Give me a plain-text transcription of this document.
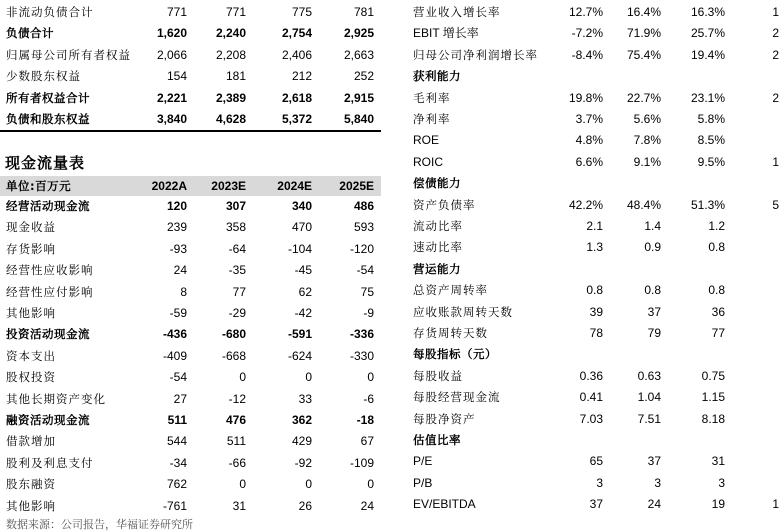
非流动负债合计	771	771	775	781
负债合计	1,620	2,240	2,754	2,925
归属母公司所有者权益	2,066	2,208	2,406	2,663
少数股东权益	154	181	212	252
所有者权益合计	2,221	2,389	2,618	2,915
负债和股东权益	3,840	4,628	5,372	5,840
现金流量表
单位:百万元	2022A	2023E	2024E	2025E
经营活动现金流	120	307	340	486
现金收益	239	358	470	593
存货影响	-93	-64	-104	-120
经营性应收影响	24	-35	-45	-54
经营性应付影响	8	77	62	75
其他影响	-59	-29	-42	-9
投资活动现金流	-436	-680	-591	-336
资本支出	-409	-668	-624	-330
股权投资	-54	0	0	0
其他长期资产变化	27	-12	33	-6
融资活动现金流	511	476	362	-18
借款增加	544	511	429	67
股利及利息支付	-34	-66	-92	-109
股东融资	762	0	0	0
其他影响	-761	31	26	24
营业收入增长率	12.7%	16.4%	16.3%	1
EBIT 增长率	-7.2%	71.9%	25.7%	2
归母公司净利润增长率	-8.4%	75.4%	19.4%	2
获利能力
毛利率	19.8%	22.7%	23.1%	2
净利率	3.7%	5.6%	5.8%
ROE	4.8%	7.8%	8.5%
ROIC	6.6%	9.1%	9.5%	1
偿债能力
资产负债率	42.2%	48.4%	51.3%	5
流动比率	2.1	1.4	1.2
速动比率	1.3	0.9	0.8
营运能力
总资产周转率	0.8	0.8	0.8
应收账款周转天数	39	37	36
存货周转天数	78	79	77
每股指标（元）
每股收益	0.36	0.63	0.75
每股经营现金流	0.41	1.04	1.15
每股净资产	7.03	7.51	8.18
估值比率
P/E	65	37	31
P/B	3	3	3
EV/EBITDA	37	24	19	1
数据来源：公司报告，华福证券研究所
